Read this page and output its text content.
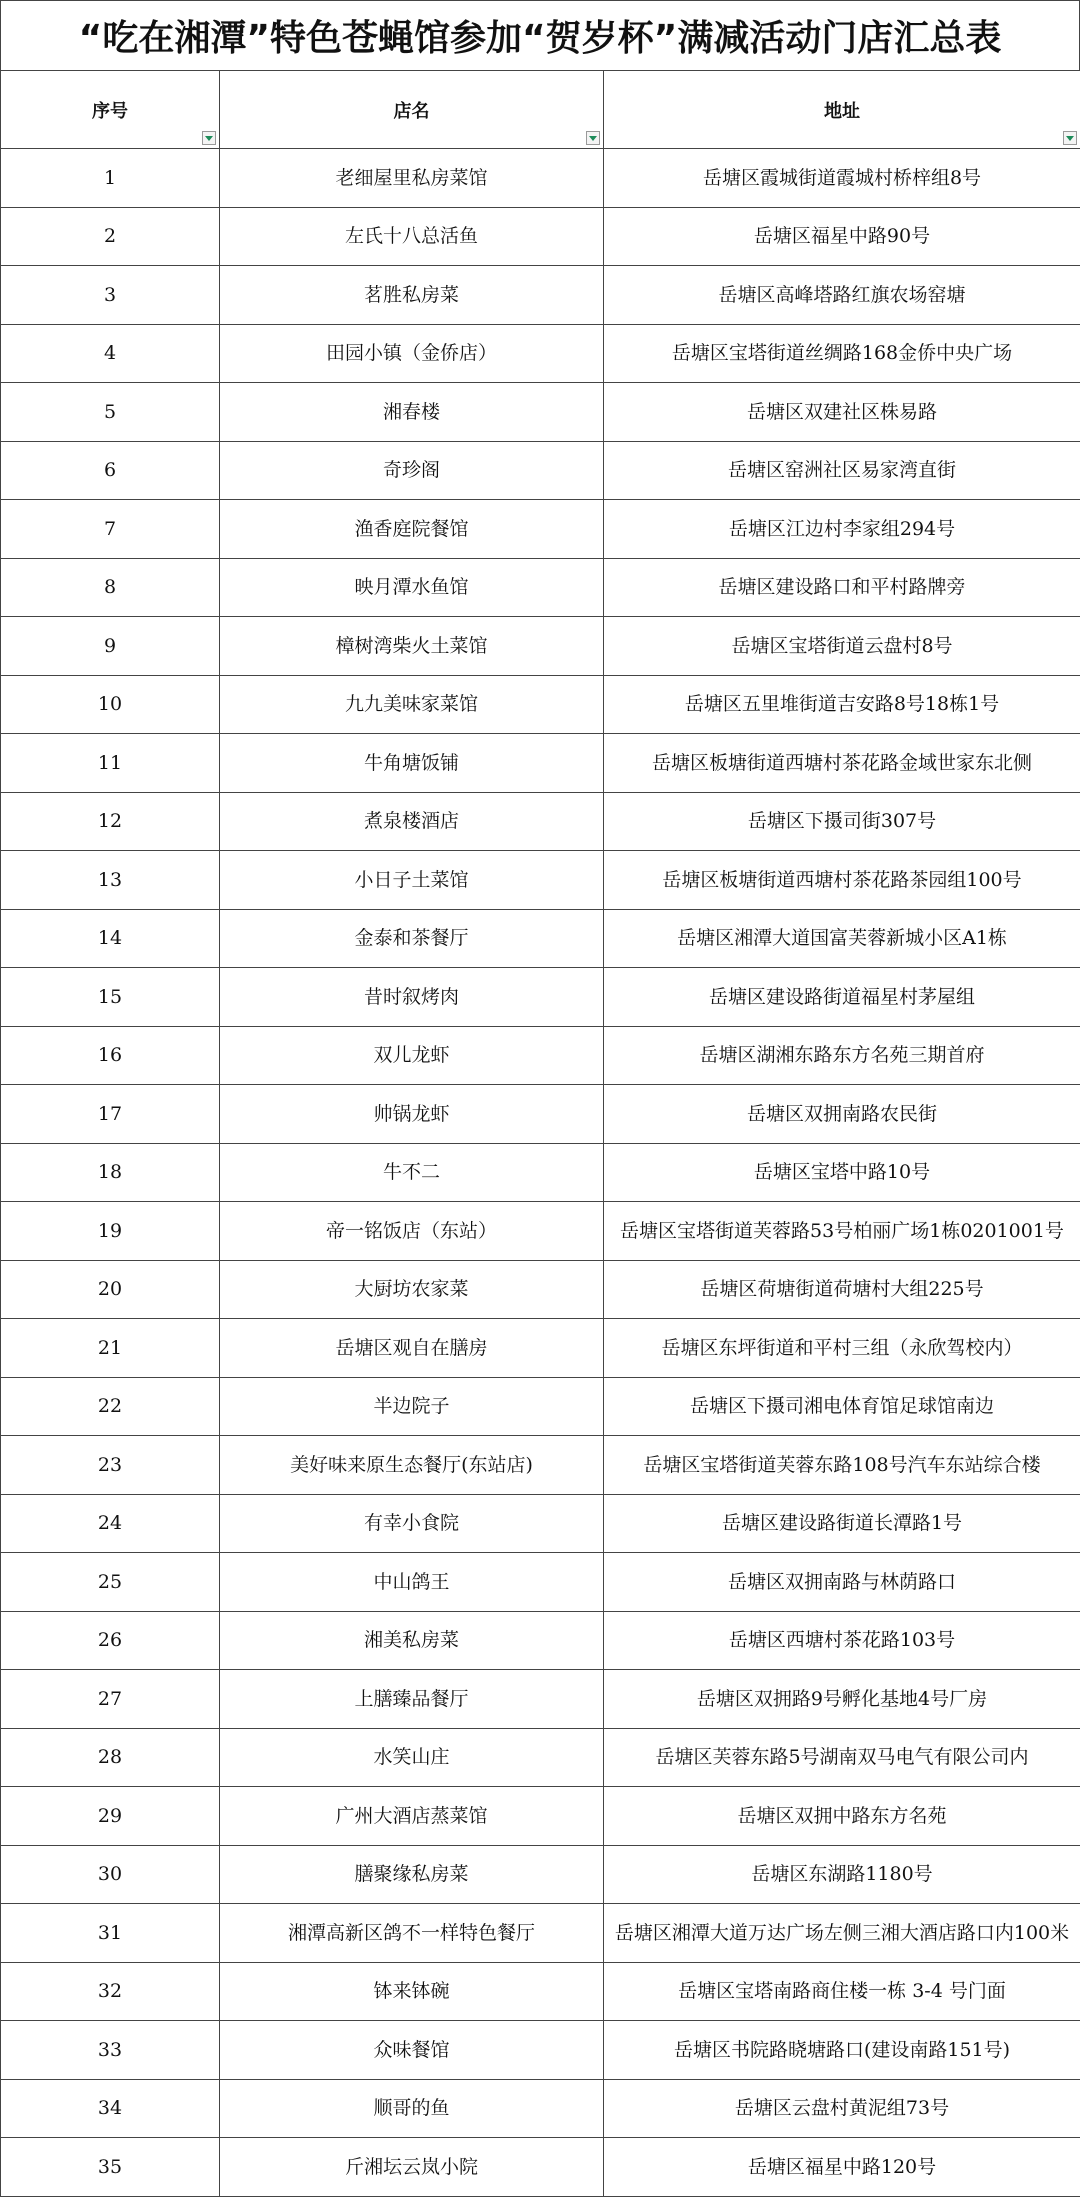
“吃在湘潭”特色苍蝇馆参加“贺岁杯”满减活动门店汇总表
序号	店名	地址

1	老细屋里私房菜馆	岳塘区霞城街道霞城村桥梓组8号
2	左氏十八总活鱼	岳塘区福星中路90号
3	茗胜私房菜	岳塘区高峰塔路红旗农场窑塘
4	田园小镇（金侨店）	岳塘区宝塔街道丝绸路168金侨中央广场
5	湘春楼	岳塘区双建社区株易路
6	奇珍阁	岳塘区窑洲社区易家湾直街
7	渔香庭院餐馆	岳塘区江边村李家组294号
8	映月潭水鱼馆	岳塘区建设路口和平村路牌旁
9	樟树湾柴火土菜馆	岳塘区宝塔街道云盘村8号
10	九九美味家菜馆	岳塘区五里堆街道吉安路8号18栋1号
11	牛角塘饭铺	岳塘区板塘街道西塘村茶花路金域世家东北侧
12	煮泉楼酒店	岳塘区下摄司街307号
13	小日子土菜馆	岳塘区板塘街道西塘村茶花路茶园组100号
14	金泰和茶餐厅	岳塘区湘潭大道国富芙蓉新城小区A1栋
15	昔时叙烤肉	岳塘区建设路街道福星村茅屋组
16	双儿龙虾	岳塘区湖湘东路东方名苑三期首府
17	帅锅龙虾	岳塘区双拥南路农民街
18	牛不二	岳塘区宝塔中路10号
19	帝一铭饭店（东站）	岳塘区宝塔街道芙蓉路53号柏丽广场1栋0201001号
20	大厨坊农家菜	岳塘区荷塘街道荷塘村大组225号
21	岳塘区观自在膳房	岳塘区东坪街道和平村三组（永欣驾校内）
22	半边院子	岳塘区下摄司湘电体育馆足球馆南边
23	美好味来原生态餐厅(东站店)	岳塘区宝塔街道芙蓉东路108号汽车东站综合楼
24	有幸小食院	岳塘区建设路街道长潭路1号
25	中山鸽王	岳塘区双拥南路与林荫路口
26	湘美私房菜	岳塘区西塘村茶花路103号
27	上膳臻品餐厅	岳塘区双拥路9号孵化基地4号厂房
28	水笑山庄	岳塘区芙蓉东路5号湖南双马电气有限公司内
29	广州大酒店蒸菜馆	岳塘区双拥中路东方名苑
30	膳聚缘私房菜	岳塘区东湖路1180号
31	湘潭高新区鸽不一样特色餐厅	岳塘区湘潭大道万达广场左侧三湘大酒店路口内100米
32	钵来钵碗	岳塘区宝塔南路商住楼一栋 3-4 号门面
33	众味餐馆	岳塘区书院路晓塘路口(建设南路151号)
34	顺哥的鱼	岳塘区云盘村黄泥组73号
35	斤湘坛云岚小院	岳塘区福星中路120号
